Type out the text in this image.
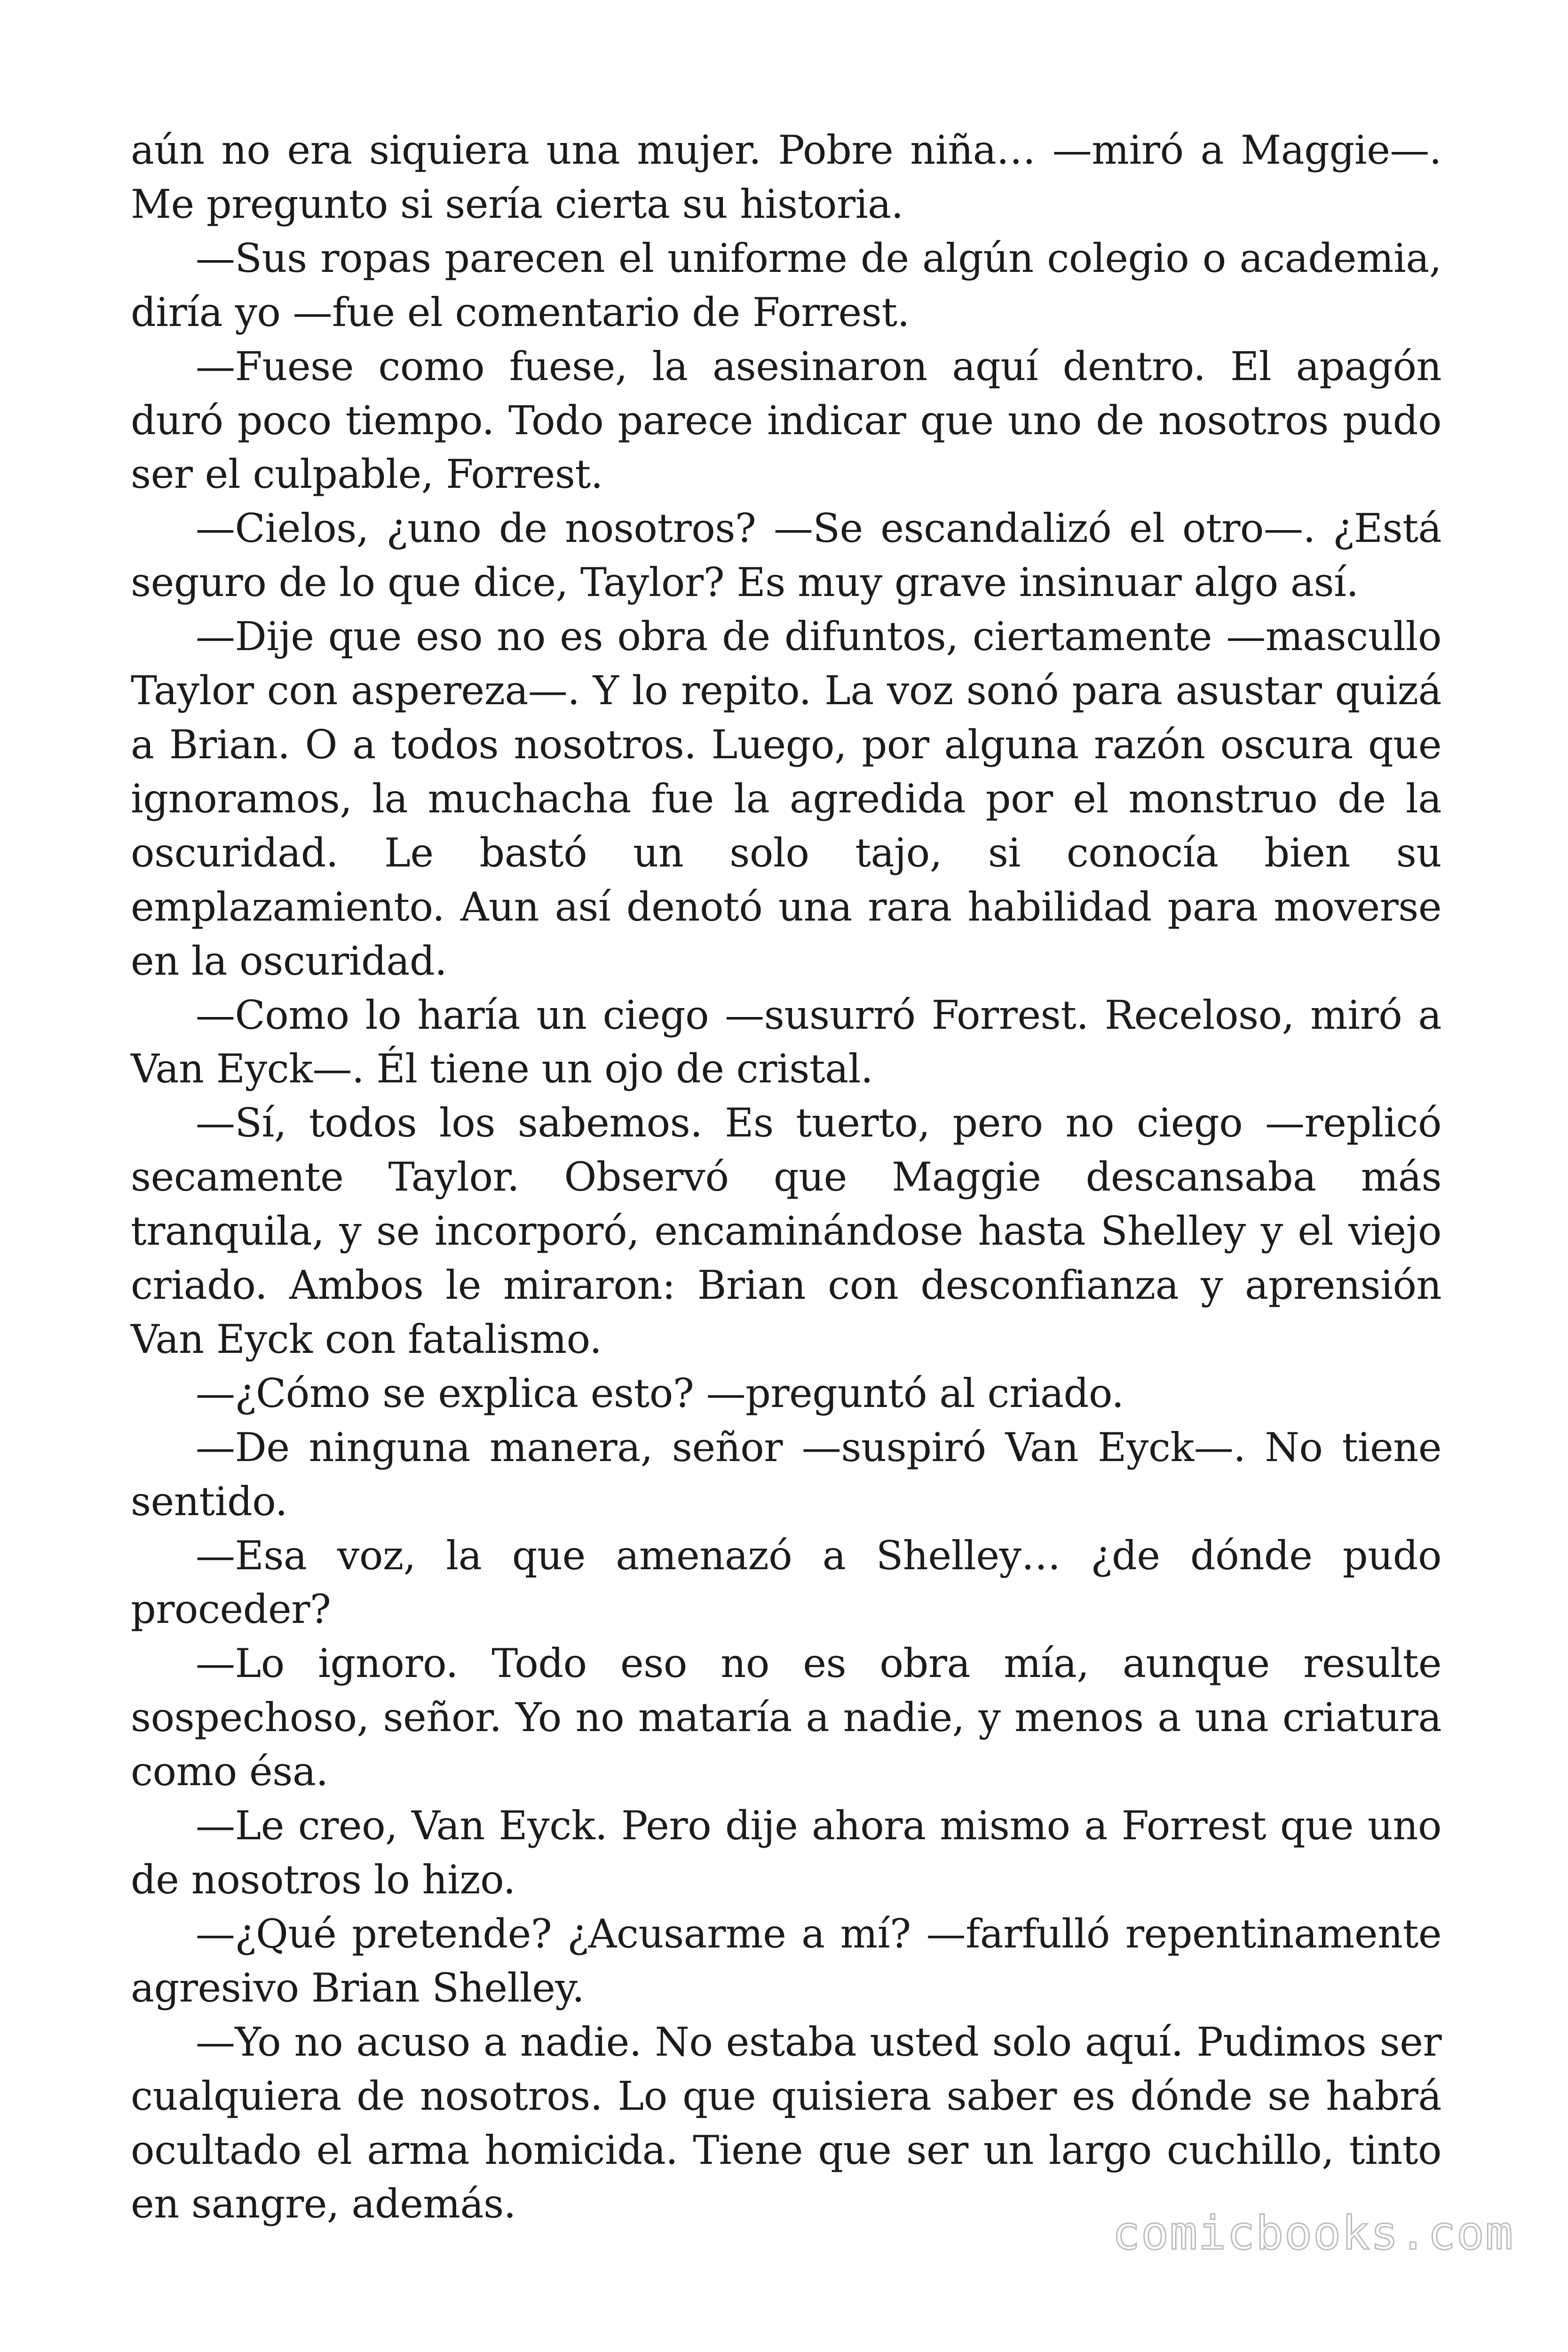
aún no era siquiera una mujer. Pobre niña… —miró a Maggie—. Me pregunto si sería cierta su historia.

—Sus ropas parecen el uniforme de algún colegio o academia, diría yo —fue el comentario de Forrest.

—Fuese como fuese, la asesinaron aquí dentro. El apagón duró poco tiempo. Todo parece indicar que uno de nosotros pudo ser el culpable, Forrest.

—Cielos, ¿uno de nosotros? —Se escandalizó el otro—. ¿Está seguro de lo que dice, Taylor? Es muy grave insinuar algo así.

—Dije que eso no es obra de difuntos, ciertamente —mascullo Taylor con aspereza—. Y lo repito. La voz sonó para asustar quizá a Brian. O a todos nosotros. Luego, por alguna razón oscura que ignoramos, la muchacha fue la agredida por el monstruo de la oscuridad. Le bastó un solo tajo, si conocía bien su emplazamiento. Aun así denotó una rara habilidad para moverse en la oscuridad.

—Como lo haría un ciego —susurró Forrest. Receloso, miró a Van Eyck—. Él tiene un ojo de cristal.

—Sí, todos los sabemos. Es tuerto, pero no ciego —replicó secamente Taylor. Observó que Maggie descansaba más tranquila, y se incorporó, encaminándose hasta Shelley y el viejo criado. Ambos le miraron: Brian con desconfianza y aprensión Van Eyck con fatalismo.

—¿Cómo se explica esto? —preguntó al criado.

—De ninguna manera, señor —suspiró Van Eyck—. No tiene sentido.

—Esa voz, la que amenazó a Shelley… ¿de dónde pudo proceder?

—Lo ignoro. Todo eso no es obra mía, aunque resulte sospechoso, señor. Yo no mataría a nadie, y menos a una criatura como ésa.

—Le creo, Van Eyck. Pero dije ahora mismo a Forrest que uno de nosotros lo hizo.

—¿Qué pretende? ¿Acusarme a mí? —farfulló repentinamente agresivo Brian Shelley.

—Yo no acuso a nadie. No estaba usted solo aquí. Pudimos ser cualquiera de nosotros. Lo que quisiera saber es dónde se habrá ocultado el arma homicida. Tiene que ser un largo cuchillo, tinto en sangre, además.

comicbooks.com
